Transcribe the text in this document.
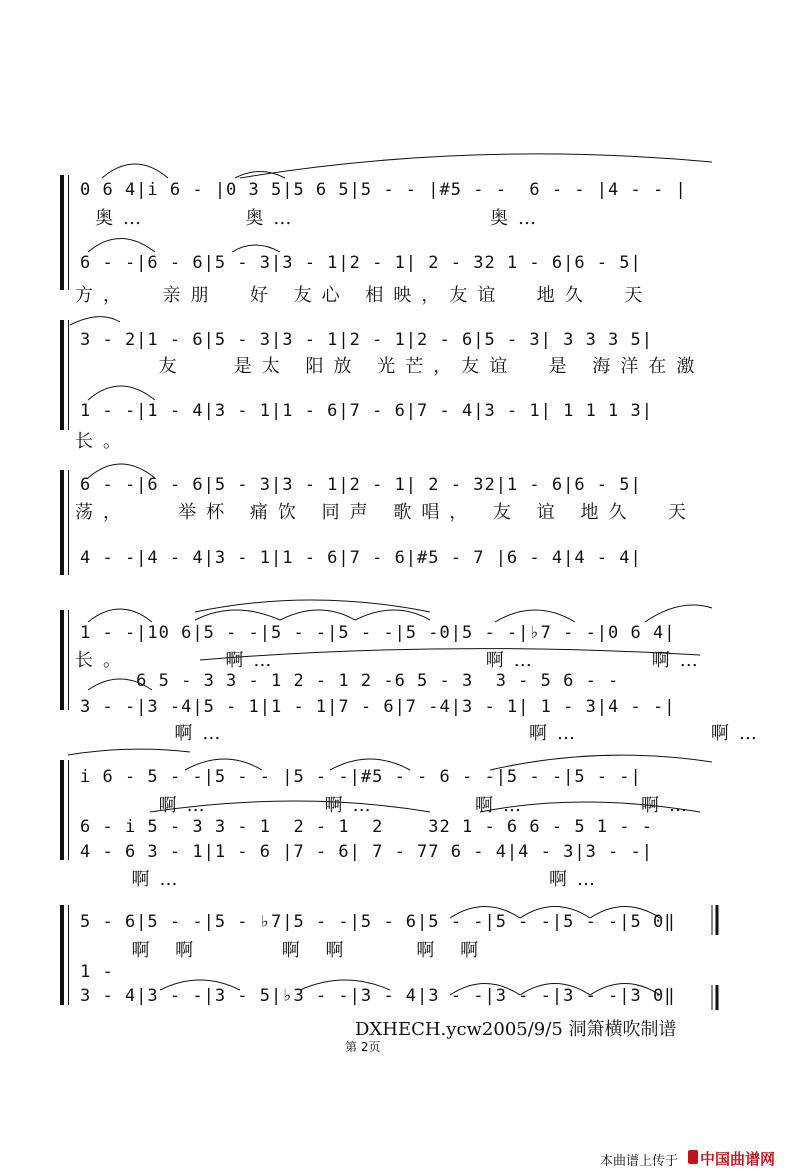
0 6 4|i 6 - |0 3 5|5 6 5|5 - - |#5 - -  6 - - |4 - - |
奥…      奥…            奥…
6 - -|6 - 6|5 - 3|3 - 1|2 - 1| 2 - 32 1 - 6|6 - 5|
方，  亲朋  好 友心 相映，友谊  地久  天
3 - 2|1 - 6|5 - 3|3 - 1|2 - 1|2 - 6|5 - 3| 3 3 3 5|
友   是太 阳放 光芒，友谊  是 海洋在激
1 - -|1 - 4|3 - 1|1 - 6|7 - 6|7 - 4|3 - 1| 1 1 1 3|
长。
6 - -|6 - 6|5 - 3|3 - 1|2 - 1| 2 - 32|1 - 6|6 - 5|
荡，   举杯 痛饮 同声 歌唱， 友 谊 地久  天
4 - -|4 - 4|3 - 1|1 - 6|7 - 6|#5 - 7 |6 - 4|4 - 4|
1 - -|10 6|5 - -|5 - -|5 - -|5 -0|5 - -|♭7 - -|0 6 4|
长。      啊…             啊…       啊…
6 5 - 3 3 - 1 2 - 1 2 -6 5 - 3  3 - 5 6 - -
3 - -|3 -4|5 - 1|1 - 1|7 - 6|7 -4|3 - 1| 1 - 3|4 - -|
啊…                   啊…        啊…
i 6 - 5 - -|5 - - |5 - -|#5 - - 6 - -|5 - -|5 - -|
啊…       啊…      啊…       啊…
6 - i 5 - 3 3 - 1  2 - 1  2    32 1 - 6 6 - 5 1 - -
4 - 6 3 - 1|1 - 6 |7 - 6| 7 - 77 6 - 4|4 - 3|3 - -|
啊…                       啊…
5 - 6|5 - -|5 - ♭7|5 - -|5 - 6|5 - -|5 - -|5 - -|5 0‖
啊 啊     啊 啊    啊 啊
1 -
3 - 4|3 - -|3 - 5|♭3 - -|3 - 4|3 - -|3 - -|3 - -|3 0‖
DXHECH.ycw2005/9/5 洞箫横吹制谱
第 2页
本曲谱上传于 中国曲谱网
